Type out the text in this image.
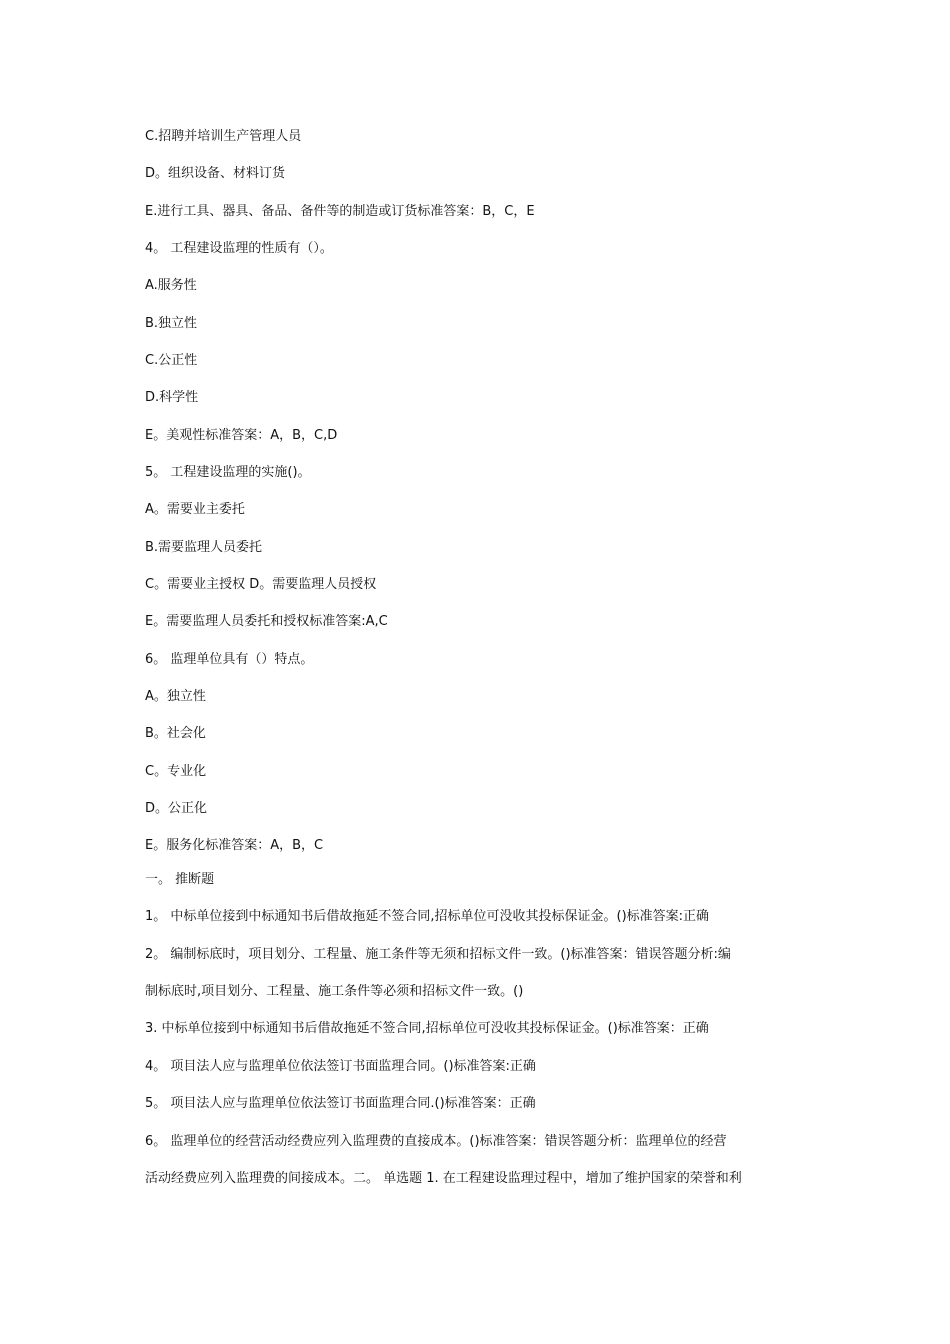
C.招聘并培训生产管理人员
D。组织设备、材料订货
E.进行工具、器具、备品、备件等的制造或订货标准答案：B，C，E
4。 工程建设监理的性质有（）。
A.服务性
B.独立性
C.公正性
D.科学性
E。美观性标准答案：A，B，C,D
5。 工程建设监理的实施()。
A。需要业主委托
B.需要监理人员委托
C。需要业主授权 D。需要监理人员授权
E。需要监理人员委托和授权标准答案:A,C
6。 监理单位具有（）特点。
A。独立性
B。社会化
C。专业化
D。公正化
E。服务化标准答案：A，B，C
一。 推断题
1。 中标单位接到中标通知书后借故拖延不签合同,招标单位可没收其投标保证金。()标准答案:正确
2。 编制标底时，项目划分、工程量、施工条件等无须和招标文件一致。()标准答案：错误答题分析:编
制标底时,项目划分、工程量、施工条件等必须和招标文件一致。()
3. 中标单位接到中标通知书后借故拖延不签合同,招标单位可没收其投标保证金。()标准答案：正确
4。 项目法人应与监理单位依法签订书面监理合同。()标准答案:正确
5。 项目法人应与监理单位依法签订书面监理合同.()标准答案：正确
6。 监理单位的经营活动经费应列入监理费的直接成本。()标准答案：错误答题分析：监理单位的经营
活动经费应列入监理费的间接成本。二。 单选题 1. 在工程建设监理过程中，增加了维护国家的荣誉和利
